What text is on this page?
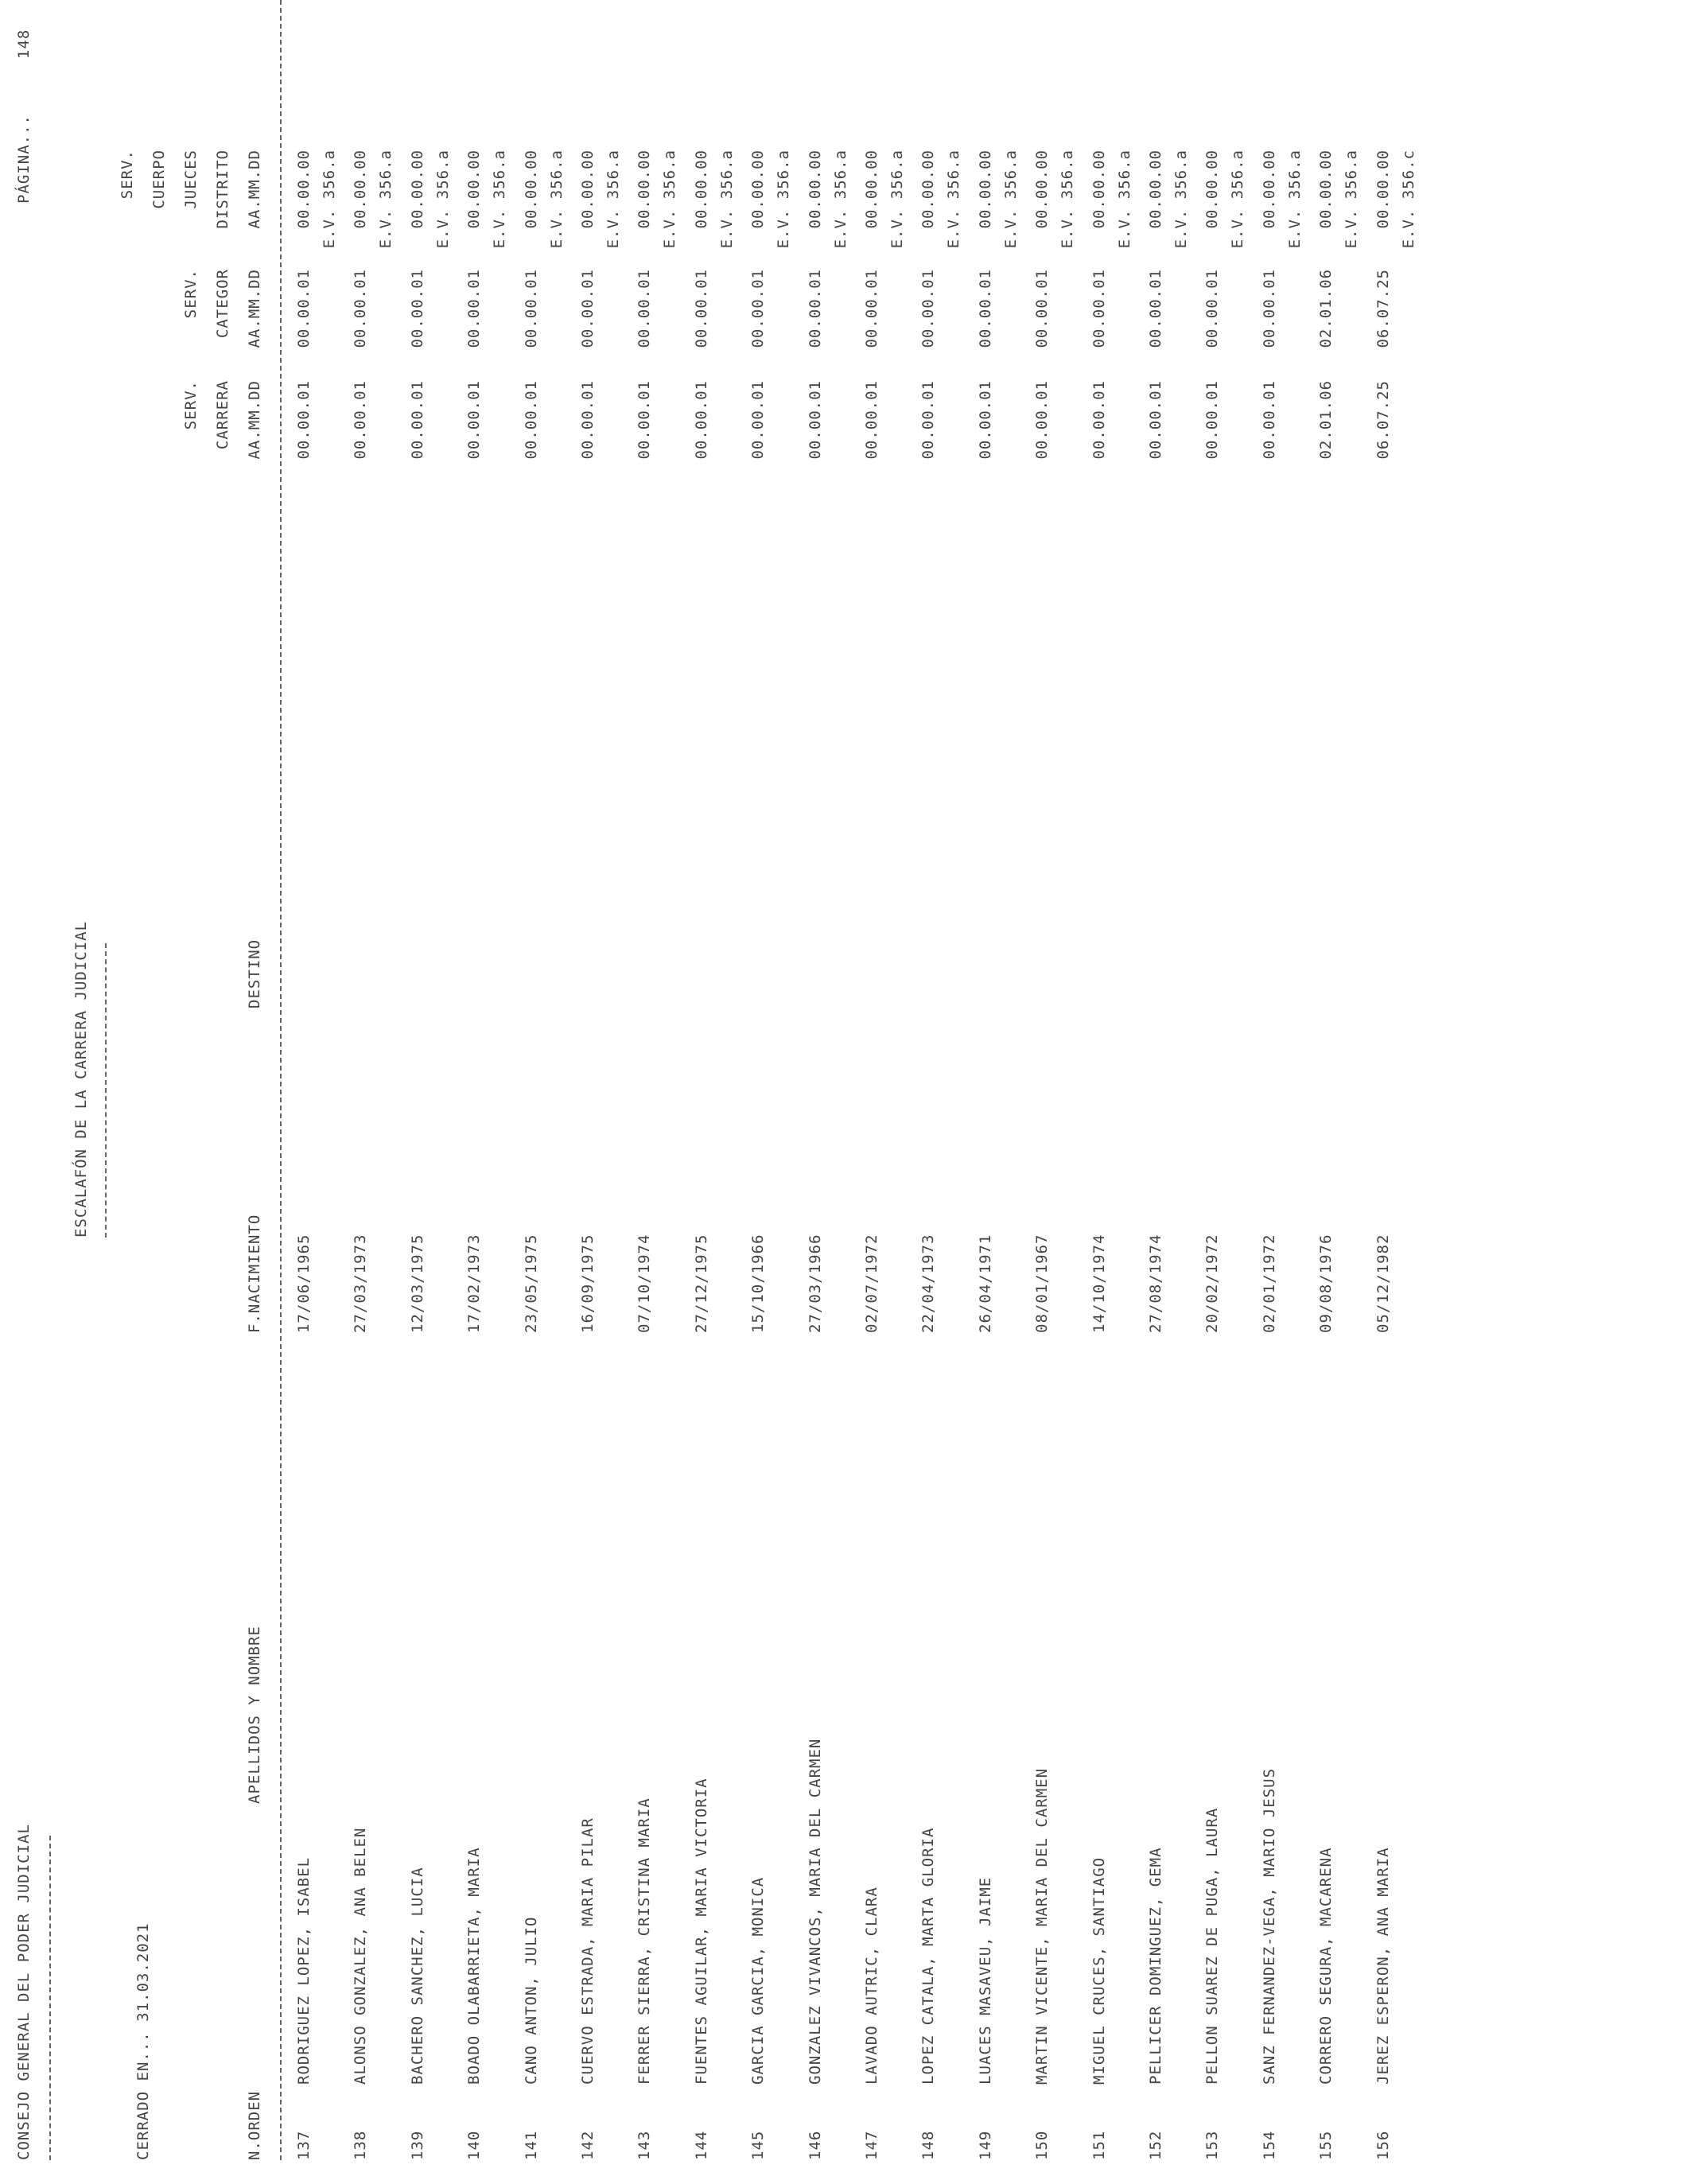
CONSEJO GENERAL DEL PODER JUDICIAL
ESCALAFÓN DE LA CARRERA JUDICIAL
PÁGINA...
148
CERRADO EN... 31.03.2021	N.ORDEN
APELLIDOS Y NOMBRE
F.NACIMIENTO
DESTINO
SERV. CARRERA AA.MM.DD
SERV. CATEGOR AA.MM.DD
SERV. CUERPO JUECES DISTRITO AA.MM.DD
137
RODRIGUEZ LOPEZ, ISABEL
17/06/1965
00.00.01
00.00.01
00.00.00 E.V. 356.a
138
ALONSO GONZALEZ, ANA BELEN
27/03/1973
00.00.01
00.00.01
00.00.00 E.V. 356.a
139
BACHERO SANCHEZ, LUCIA
12/03/1975
00.00.01
00.00.01
00.00.00 E.V. 356.a
140
BOADO OLABARRIETA, MARIA
17/02/1973
00.00.01
00.00.01
00.00.00 E.V. 356.a
141
CANO ANTON, JULIO
23/05/1975
00.00.01
00.00.01
00.00.00 E.V. 356.a
142
CUERVO ESTRADA, MARIA PILAR
16/09/1975
00.00.01
00.00.01
00.00.00 E.V. 356.a
143
FERRER SIERRA, CRISTINA MARIA
07/10/1974
00.00.01
00.00.01
00.00.00 E.V. 356.a
144
FUENTES AGUILAR, MARIA VICTORIA
27/12/1975
00.00.01
00.00.01
00.00.00 E.V. 356.a
145
GARCIA GARCIA, MONICA
15/10/1966
00.00.01
00.00.01
00.00.00 E.V. 356.a
146
GONZALEZ VIVANCOS, MARIA DEL CARMEN
27/03/1966
00.00.01
00.00.01
00.00.00 E.V. 356.a
147
LAVADO AUTRIC, CLARA
02/07/1972
00.00.01
00.00.01
00.00.00 E.V. 356.a
148
LOPEZ CATALA, MARTA GLORIA
22/04/1973
00.00.01
00.00.01
00.00.00 E.V. 356.a
149
LUACES MASAVEU, JAIME
26/04/1971
00.00.01
00.00.01
00.00.00 E.V. 356.a
150
MARTIN VICENTE, MARIA DEL CARMEN
08/01/1967
00.00.01
00.00.01
00.00.00 E.V. 356.a
151
MIGUEL CRUCES, SANTIAGO
14/10/1974
00.00.01
00.00.01
00.00.00 E.V. 356.a
152
PELLICER DOMINGUEZ, GEMA
27/08/1974
00.00.01
00.00.01
00.00.00 E.V. 356.a
153
PELLON SUAREZ DE PUGA, LAURA
20/02/1972
00.00.01
00.00.01
00.00.00 E.V. 356.a
154
SANZ FERNANDEZ-VEGA, MARIO JESUS
02/01/1972
00.00.01
00.00.01
00.00.00 E.V. 356.a
155
CORRERO SEGURA, MACARENA
09/08/1976
02.01.06
02.01.06
00.00.00 E.V. 356.a
156
JEREZ ESPERON, ANA MARIA
05/12/1982
06.07.25
06.07.25
00.00.00 E.V. 356.c
